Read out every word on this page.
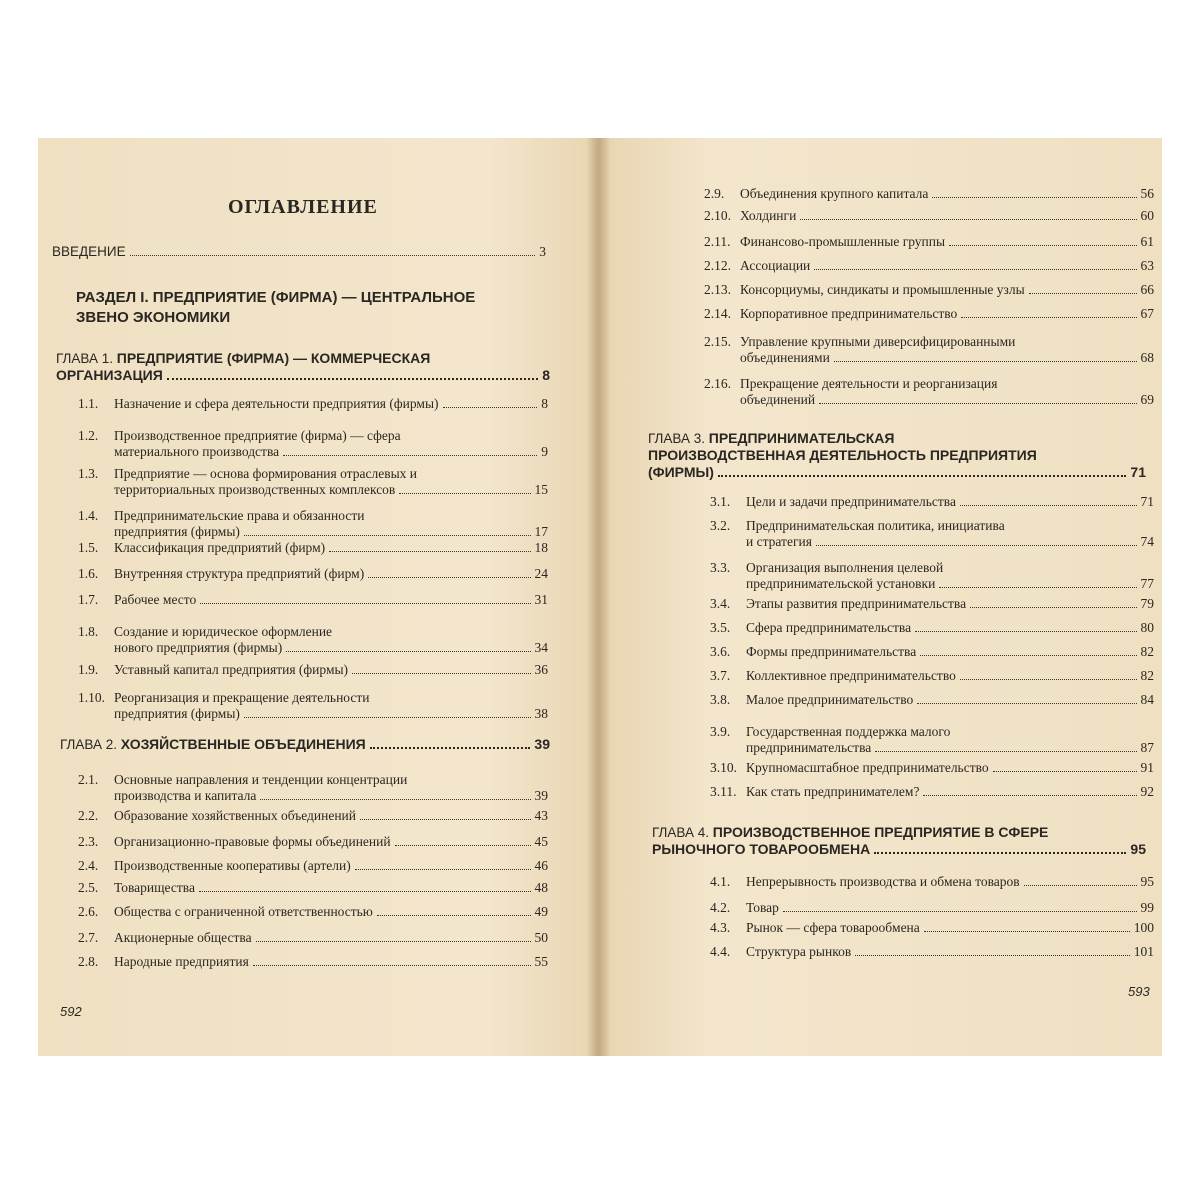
ОГЛАВЛЕНИЕ
ВВЕДЕНИЕ	3
РАЗДЕЛ I. ПРЕДПРИЯТИЕ (ФИРМА) — ЦЕНТРАЛЬНОЕ
ЗВЕНО ЭКОНОМИКИ
ГЛАВА 1. ПРЕДПРИЯТИЕ (ФИРМА) — КОММЕРЧЕСКАЯ
ОРГАНИЗАЦИЯ	8
1.1.	Назначение и сфера деятельности предприятия (фирмы)	8
1.2. Производственное предприятие (фирма) — сфера
материального производства	9
1.3. Предприятие — основа формирования отраслевых и
территориальных производственных комплексов	15
1.4. Предпринимательские права и обязанности
предприятия (фирмы)	17
1.5.	Классификация предприятий (фирм)	18
1.6.	Внутренняя структура предприятий (фирм)	24
1.7.	Рабочее место	31
1.8. Создание и юридическое оформление
нового предприятия (фирмы)	34
1.9.	Уставный капитал предприятия (фирмы)	36
1.10. Реорганизация и прекращение деятельности
предприятия (фирмы)	38
ГЛАВА 2.
ХОЗЯЙСТВЕННЫЕ ОБЪЕДИНЕНИЯ	39
2.1. Основные направления и тенденции концентрации
производства и капитала	39
2.2.	Образование хозяйственных объединений	43
2.3.	Организационно-правовые формы объединений	45
2.4.	Производственные кооперативы (артели)	46
2.5.	Товарищества	48
2.6.	Общества с ограниченной ответственностью	49
2.7.	Акционерные общества	50
2.8.	Народные предприятия	55
592
2.9.	Объединения крупного капитала	56
2.10. Холдинги	60
2.11. Финансово-промышленные группы	61
2.12. Ассоциации	63
2.13. Консорциумы, синдикаты и промышленные узлы	66
2.14. Корпоративное предпринимательство	67
2.15. Управление крупными диверсифицированными
объединениями	68
2.16. Прекращение деятельности и реорганизация
объединений	69
ГЛАВА 3. ПРЕДПРИНИМАТЕЛЬСКАЯ
ПРОИЗВОДСТВЕННАЯ ДЕЯТЕЛЬНОСТЬ ПРЕДПРИЯТИЯ
(ФИРМЫ)	71
3.1.	Цели и задачи предпринимательства	71
3.2. Предпринимательская политика, инициатива
и стратегия	74
3.3. Организация выполнения целевой
предпринимательской установки	77
3.4.	Этапы развития предпринимательства	79
3.5.	Сфера предпринимательства	80
3.6.	Формы предпринимательства	82
3.7.	Коллективное предпринимательство	82
3.8.	Малое предпринимательство	84
3.9. Государственная поддержка малого
предпринимательства	87
3.10. Крупномасштабное предпринимательство	91
3.11. Как стать предпринимателем?	92
ГЛАВА 4. ПРОИЗВОДСТВЕННОЕ ПРЕДПРИЯТИЕ В СФЕРЕ
РЫНОЧНОГО ТОВАРООБМЕНА	95
4.1.	Непрерывность производства и обмена товаров	95
4.2.	Товар	99
4.3.	Рынок — сфера товарообмена	100
4.4.	Структура рынков	101
593
